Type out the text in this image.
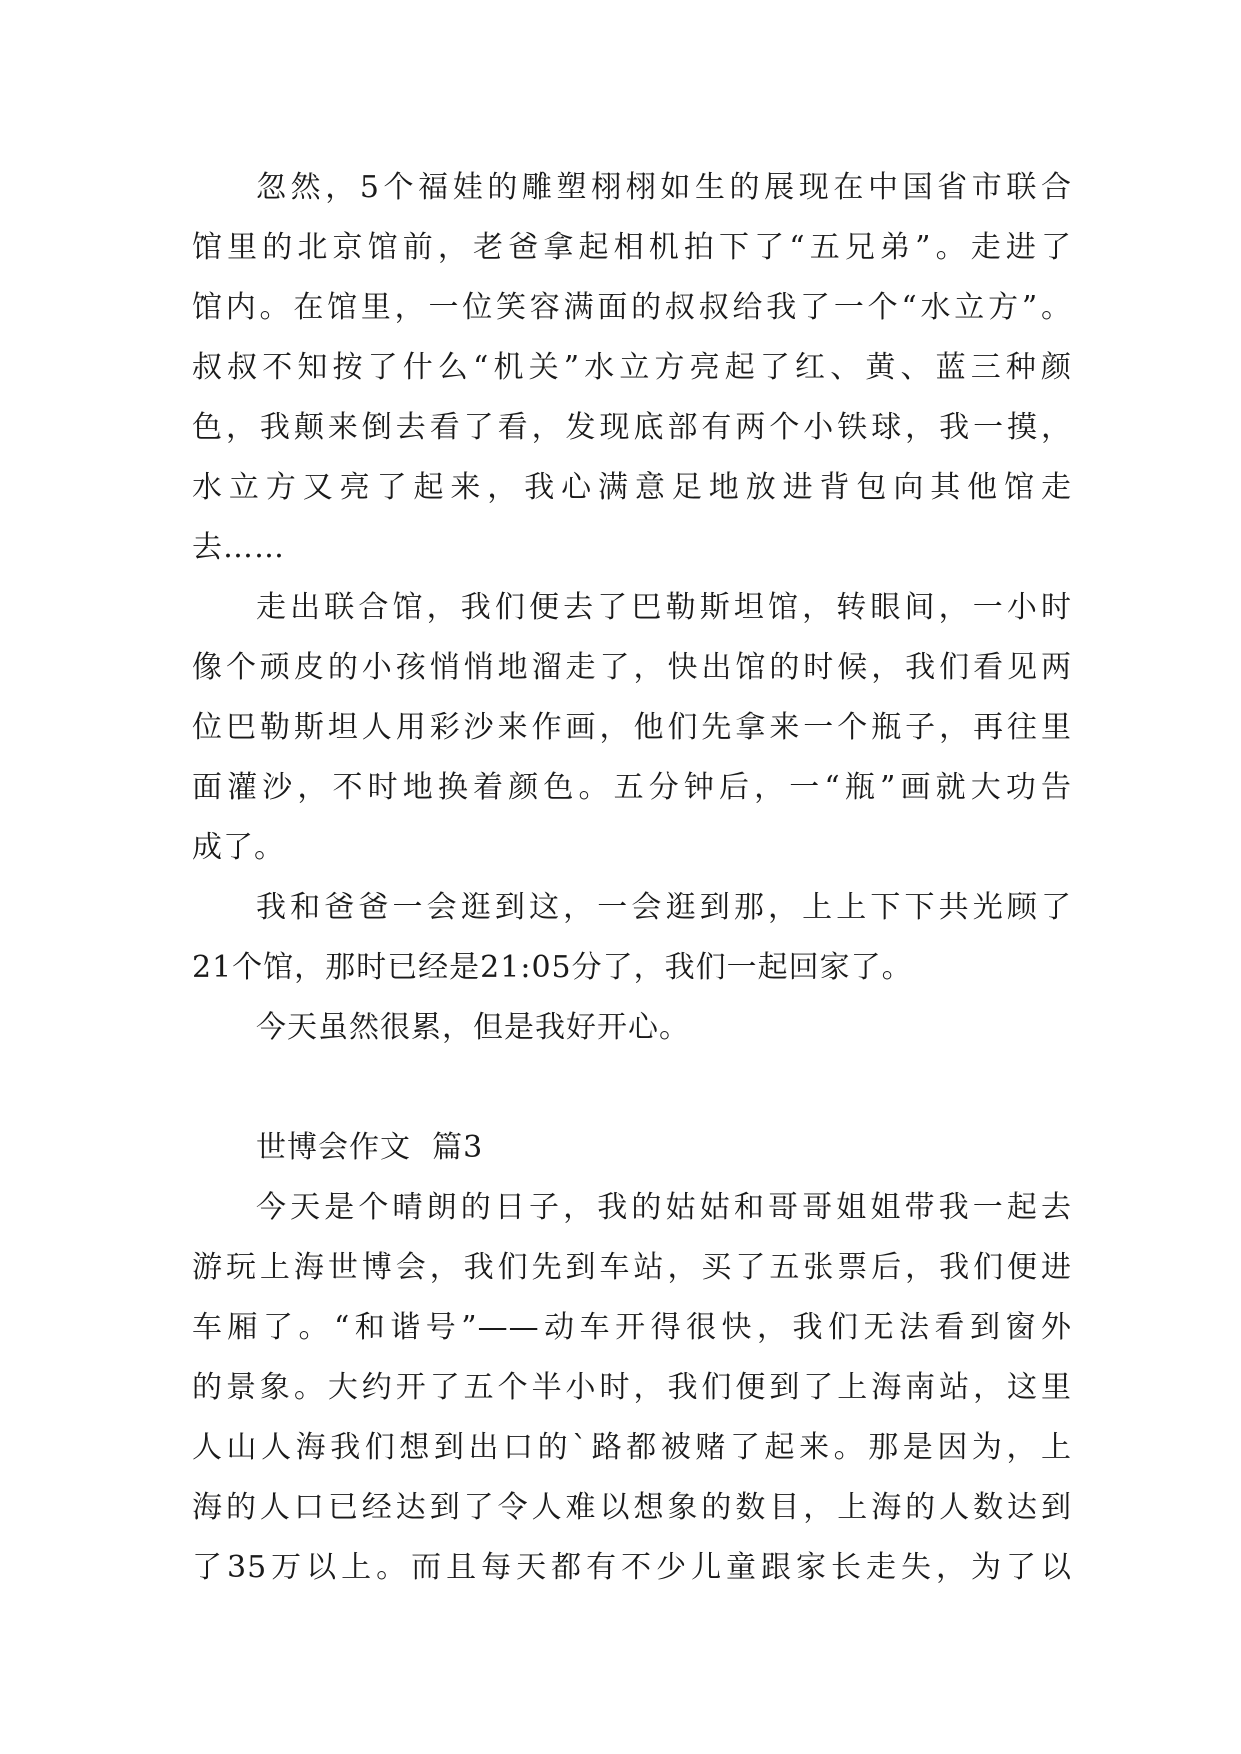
忽然，5个福娃的雕塑栩栩如生的展现在中国省市联合
馆里的北京馆前，老爸拿起相机拍下了“五兄弟”。走进了
馆内。在馆里，一位笑容满面的叔叔给我了一个“水立方”。
叔叔不知按了什么“机关”水立方亮起了红、黄、蓝三种颜
色，我颠来倒去看了看，发现底部有两个小铁球，我一摸，
水立方又亮了起来，我心满意足地放进背包向其他馆走
去……
走出联合馆，我们便去了巴勒斯坦馆，转眼间，一小时
像个顽皮的小孩悄悄地溜走了，快出馆的时候，我们看见两
位巴勒斯坦人用彩沙来作画，他们先拿来一个瓶子，再往里
面灌沙，不时地换着颜色。五分钟后，一“瓶”画就大功告
成了。
我和爸爸一会逛到这，一会逛到那，上上下下共光顾了
21个馆，那时已经是21:05分了，我们一起回家了。
今天虽然很累，但是我好开心。
世博会作文  篇3
今天是个晴朗的日子，我的姑姑和哥哥姐姐带我一起去
游玩上海世博会，我们先到车站，买了五张票后，我们便进
车厢了。“和谐号”——动车开得很快，我们无法看到窗外
的景象。大约开了五个半小时，我们便到了上海南站，这里
人山人海我们想到出口的`路都被赌了起来。那是因为，上
海的人口已经达到了令人难以想象的数目，上海的人数达到
了35万以上。而且每天都有不少儿童跟家长走失，为了以
